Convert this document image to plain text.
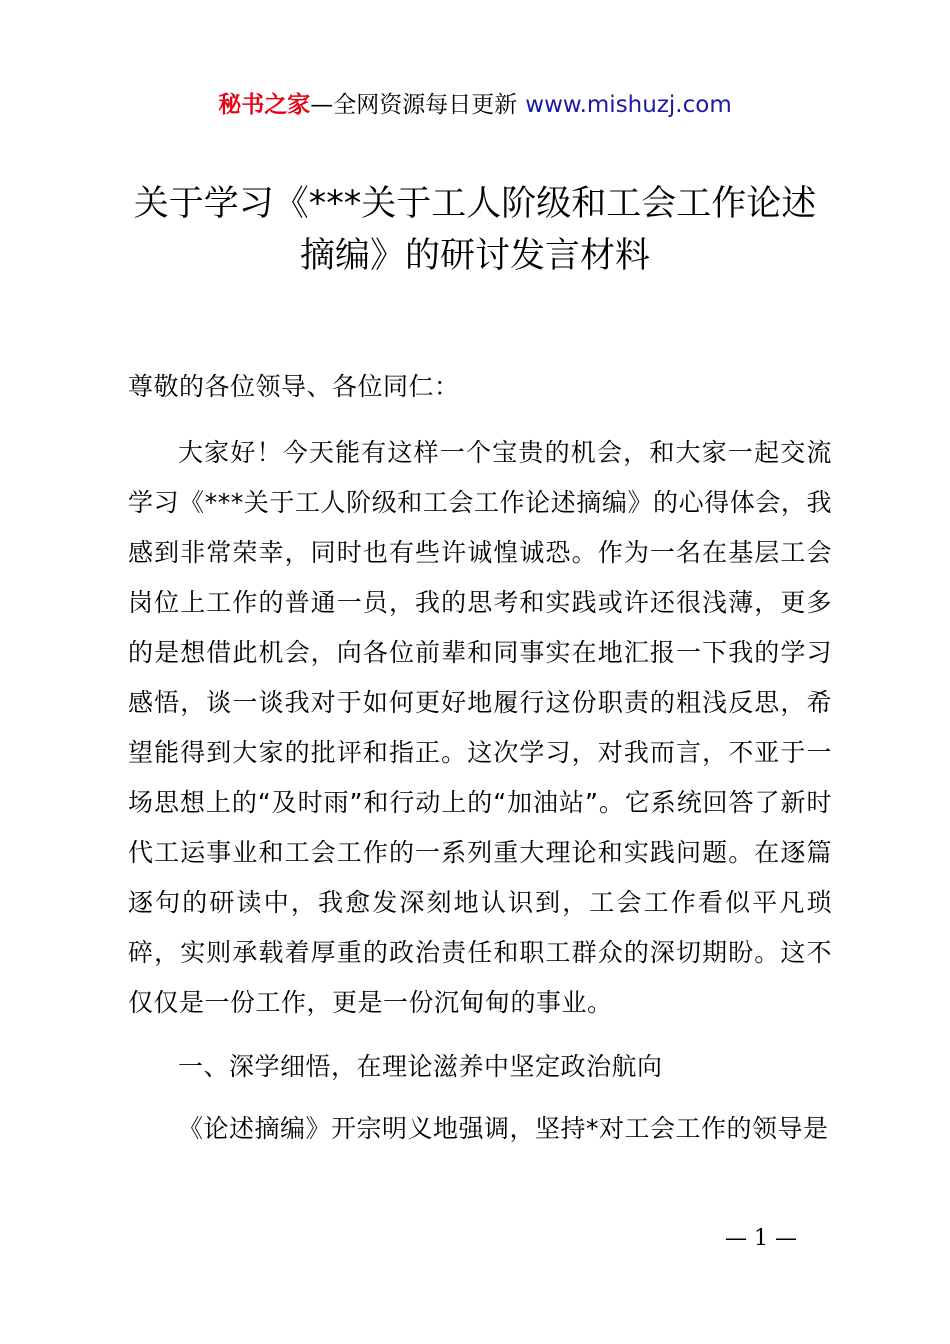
秘书之家—全网资源每日更新 www.mishuzj.com
关于学习《***关于工人阶级和工会工作论述摘编》的研讨发言材料

尊敬的各位领导、各位同仁：

大家好！今天能有这样一个宝贵的机会，和大家一起交流学习《***关于工人阶级和工会工作论述摘编》的心得体会，我感到非常荣幸，同时也有些许诚惶诚恐。作为一名在基层工会岗位上工作的普通一员，我的思考和实践或许还很浅薄，更多的是想借此机会，向各位前辈和同事实在地汇报一下我的学习感悟，谈一谈我对于如何更好地履行这份职责的粗浅反思，希望能得到大家的批评和指正。这次学习，对我而言，不亚于一场思想上的“及时雨”和行动上的“加油站”。它系统回答了新时代工运事业和工会工作的一系列重大理论和实践问题。在逐篇逐句的研读中，我愈发深刻地认识到，工会工作看似平凡琐碎，实则承载着厚重的政治责任和职工群众的深切期盼。这不仅仅是一份工作，更是一份沉甸甸的事业。

一、深学细悟，在理论滋养中坚定政治航向

《论述摘编》开宗明义地强调，坚持*对工会工作的领导是

— 1 —
